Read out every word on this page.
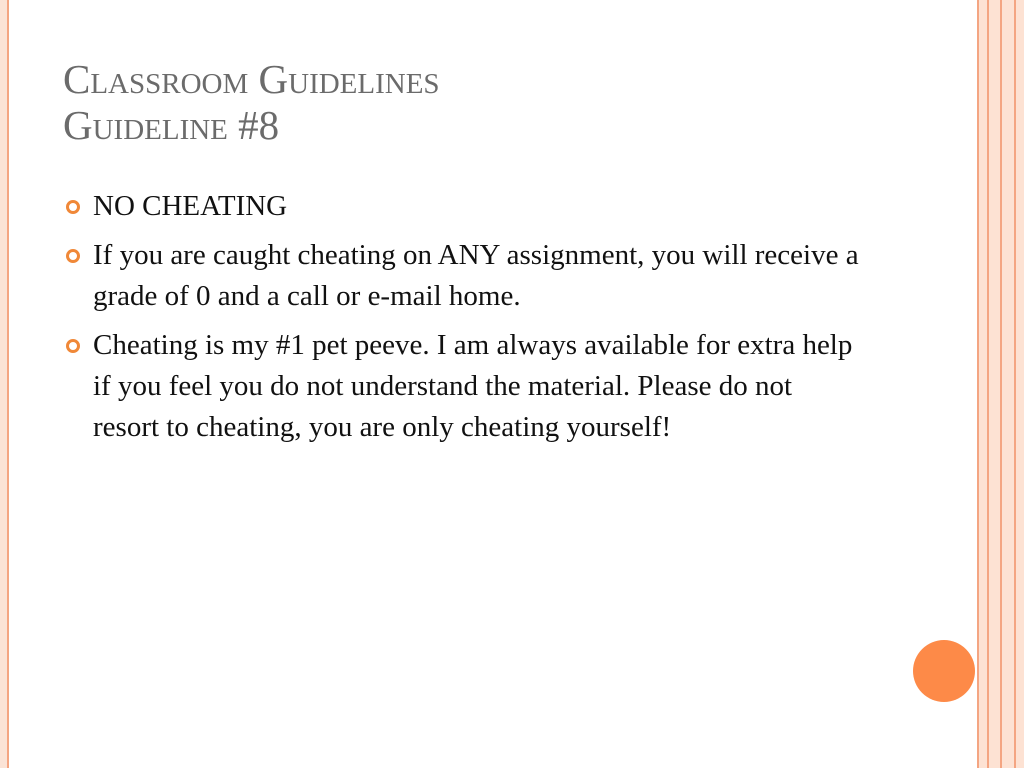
Classroom Guidelines
Guideline #8
NO CHEATING
If you are caught cheating on ANY assignment, you will receive a grade of 0 and a call or e-mail home.
Cheating is my #1 pet peeve. I am always available for extra help if you feel you do not understand the material. Please do not resort to cheating, you are only cheating yourself!
